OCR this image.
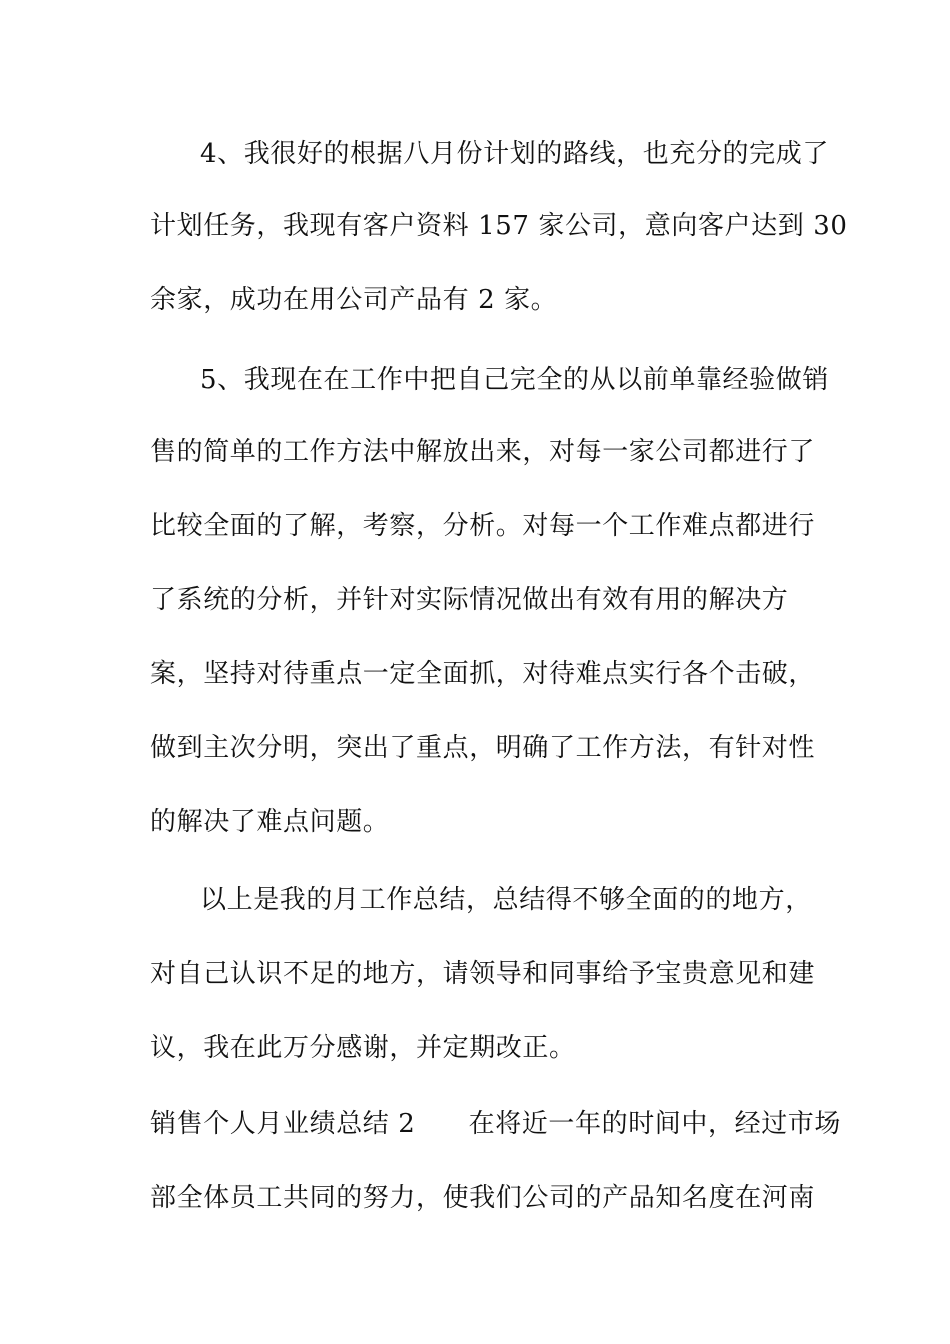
4、我很好的根据八月份计划的路线，也充分的完成了
计划任务，我现有客户资料 157 家公司，意向客户达到 30
余家，成功在用公司产品有 2 家。
5、我现在在工作中把自己完全的从以前单靠经验做销
售的简单的工作方法中解放出来，对每一家公司都进行了
比较全面的了解，考察，分析。对每一个工作难点都进行
了系统的分析，并针对实际情况做出有效有用的解决方
案，坚持对待重点一定全面抓，对待难点实行各个击破，
做到主次分明，突出了重点，明确了工作方法，有针对性
的解决了难点问题。
以上是我的月工作总结，总结得不够全面的的地方，
对自己认识不足的地方，请领导和同事给予宝贵意见和建
议，我在此万分感谢，并定期改正。
销售个人月业绩总结 2　　在将近一年的时间中，经过市场
部全体员工共同的努力，使我们公司的产品知名度在河南
